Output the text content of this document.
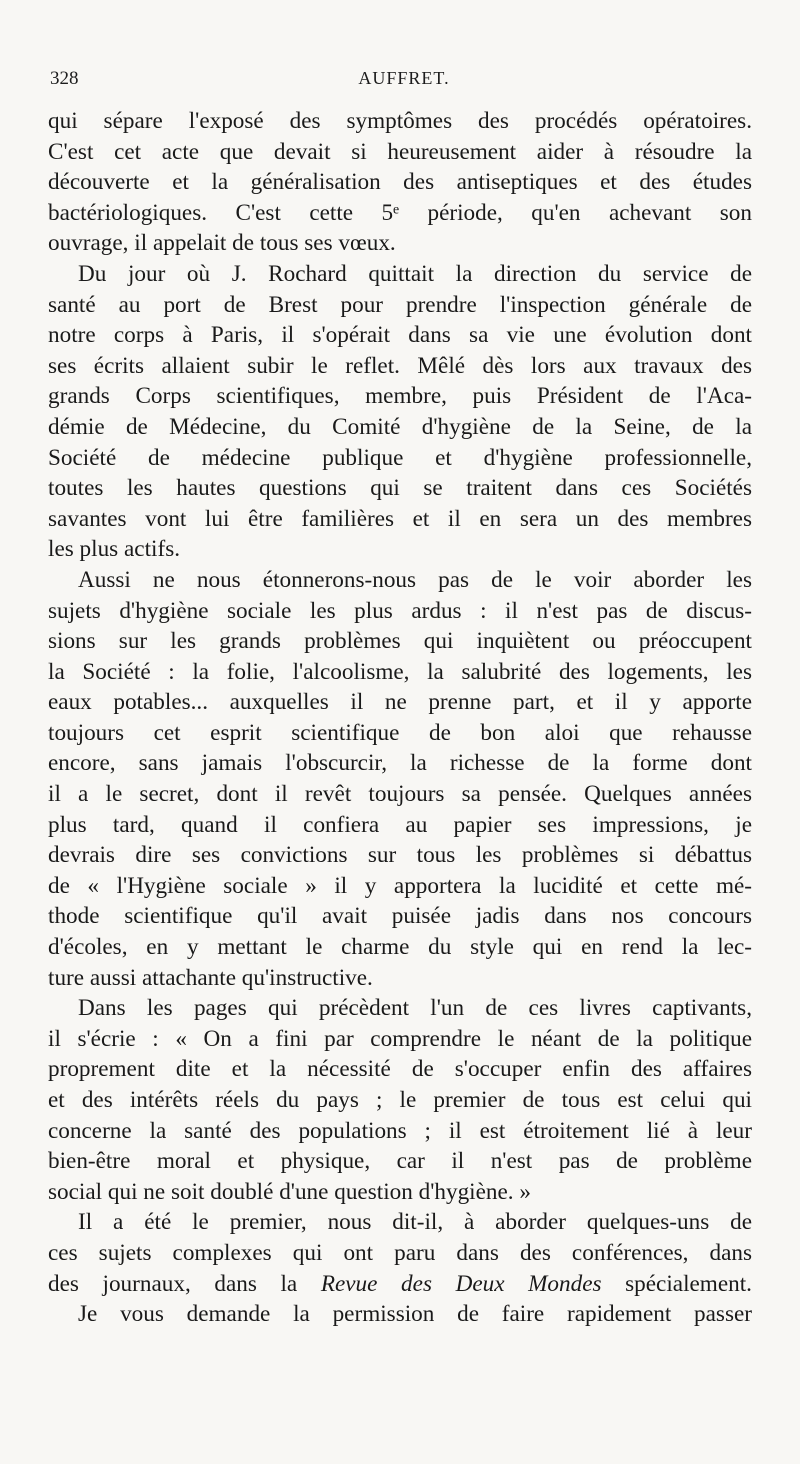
328	AUFFRET.
qui sépare l'exposé des symptômes des procédés opératoires.
C'est cet acte que devait si heureusement aider à résoudre la
découverte et la généralisation des antiseptiques et des études
bactériologiques. C'est cette 5ᵉ période, qu'en achevant son
ouvrage, il appelait de tous ses vœux.
Du jour où J. Rochard quittait la direction du service de
santé au port de Brest pour prendre l'inspection générale de
notre corps à Paris, il s'opérait dans sa vie une évolution dont
ses écrits allaient subir le reflet. Mêlé dès lors aux travaux des
grands Corps scientifiques, membre, puis Président de l'Aca-
démie de Médecine, du Comité d'hygiène de la Seine, de la
Société de médecine publique et d'hygiène professionnelle,
toutes les hautes questions qui se traitent dans ces Sociétés
savantes vont lui être familières et il en sera un des membres
les plus actifs.
Aussi ne nous étonnerons-nous pas de le voir aborder les
sujets d'hygiène sociale les plus ardus : il n'est pas de discus-
sions sur les grands problèmes qui inquiètent ou préoccupent
la Société : la folie, l'alcoolisme, la salubrité des logements, les
eaux potables... auxquelles il ne prenne part, et il y apporte
toujours cet esprit scientifique de bon aloi que rehausse
encore, sans jamais l'obscurcir, la richesse de la forme dont
il a le secret, dont il revêt toujours sa pensée. Quelques années
plus tard, quand il confiera au papier ses impressions, je
devrais dire ses convictions sur tous les problèmes si débattus
de « l'Hygiène sociale » il y apportera la lucidité et cette mé-
thode scientifique qu'il avait puisée jadis dans nos concours
d'écoles, en y mettant le charme du style qui en rend la lec-
ture aussi attachante qu'instructive.
Dans les pages qui précèdent l'un de ces livres captivants,
il s'écrie : « On a fini par comprendre le néant de la politique
proprement dite et la nécessité de s'occuper enfin des affaires
et des intérêts réels du pays ; le premier de tous est celui qui
concerne la santé des populations ; il est étroitement lié à leur
bien-être moral et physique, car il n'est pas de problème
social qui ne soit doublé d'une question d'hygiène. »
Il a été le premier, nous dit-il, à aborder quelques-uns de
ces sujets complexes qui ont paru dans des conférences, dans
des journaux, dans la Revue des Deux Mondes spécialement.
Je vous demande la permission de faire rapidement passer
